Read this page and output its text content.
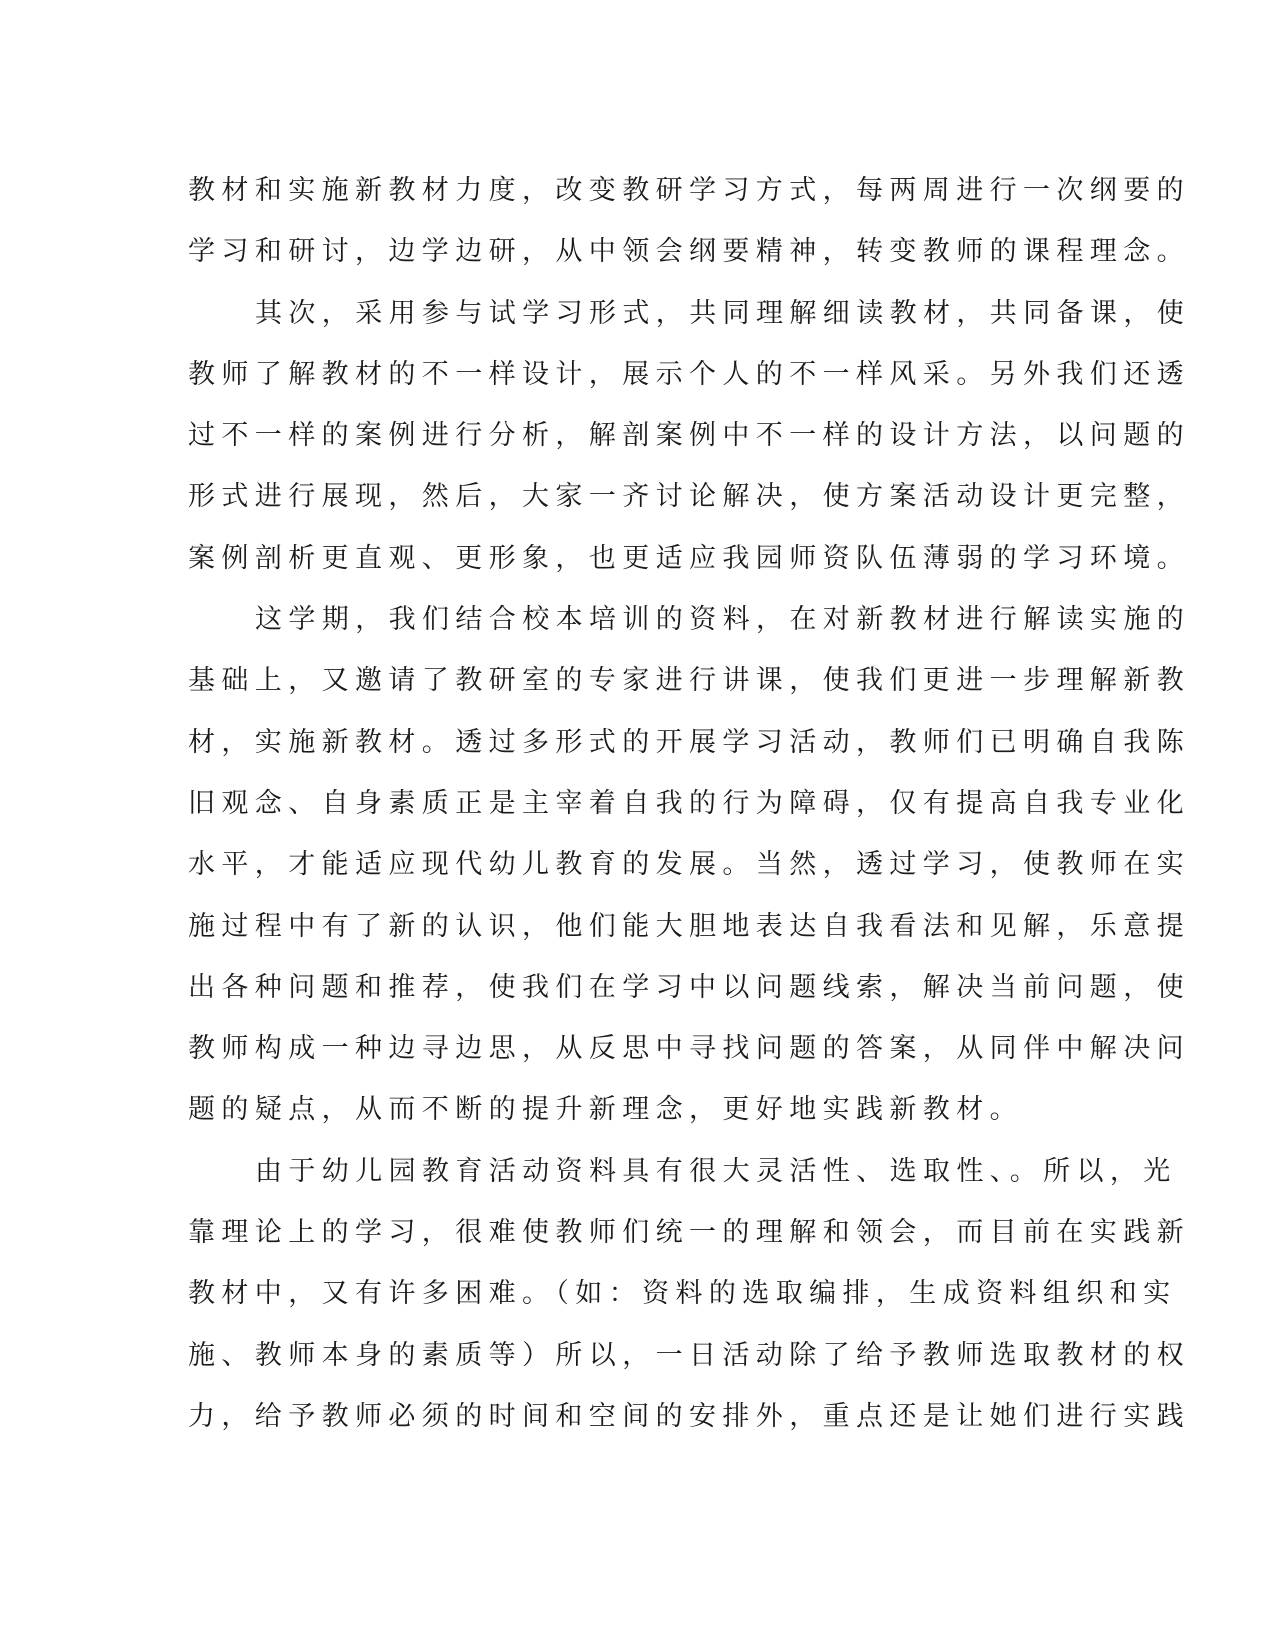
教材和实施新教材力度，改变教研学习方式，每两周进行一次纲要的
学习和研讨，边学边研，从中领会纲要精神，转变教师的课程理念。
其次，采用参与试学习形式，共同理解细读教材，共同备课，使
教师了解教材的不一样设计，展示个人的不一样风采。另外我们还透
过不一样的案例进行分析，解剖案例中不一样的设计方法，以问题的
形式进行展现，然后，大家一齐讨论解决，使方案活动设计更完整，
案例剖析更直观、更形象，也更适应我园师资队伍薄弱的学习环境。
这学期，我们结合校本培训的资料，在对新教材进行解读实施的
基础上，又邀请了教研室的专家进行讲课，使我们更进一步理解新教
材，实施新教材。透过多形式的开展学习活动，教师们已明确自我陈
旧观念、自身素质正是主宰着自我的行为障碍，仅有提高自我专业化
水平，才能适应现代幼儿教育的发展。当然，透过学习，使教师在实
施过程中有了新的认识，他们能大胆地表达自我看法和见解，乐意提
出各种问题和推荐，使我们在学习中以问题线索，解决当前问题，使
教师构成一种边寻边思，从反思中寻找问题的答案，从同伴中解决问
题的疑点，从而不断的提升新理念，更好地实践新教材。
由于幼儿园教育活动资料具有很大灵活性、选取性、。所以，光
靠理论上的学习，很难使教师们统一的理解和领会，而目前在实践新
教材中，又有许多困难。（如：资料的选取编排，生成资料组织和实
施、教师本身的素质等）所以，一日活动除了给予教师选取教材的权
力，给予教师必须的时间和空间的安排外，重点还是让她们进行实践
